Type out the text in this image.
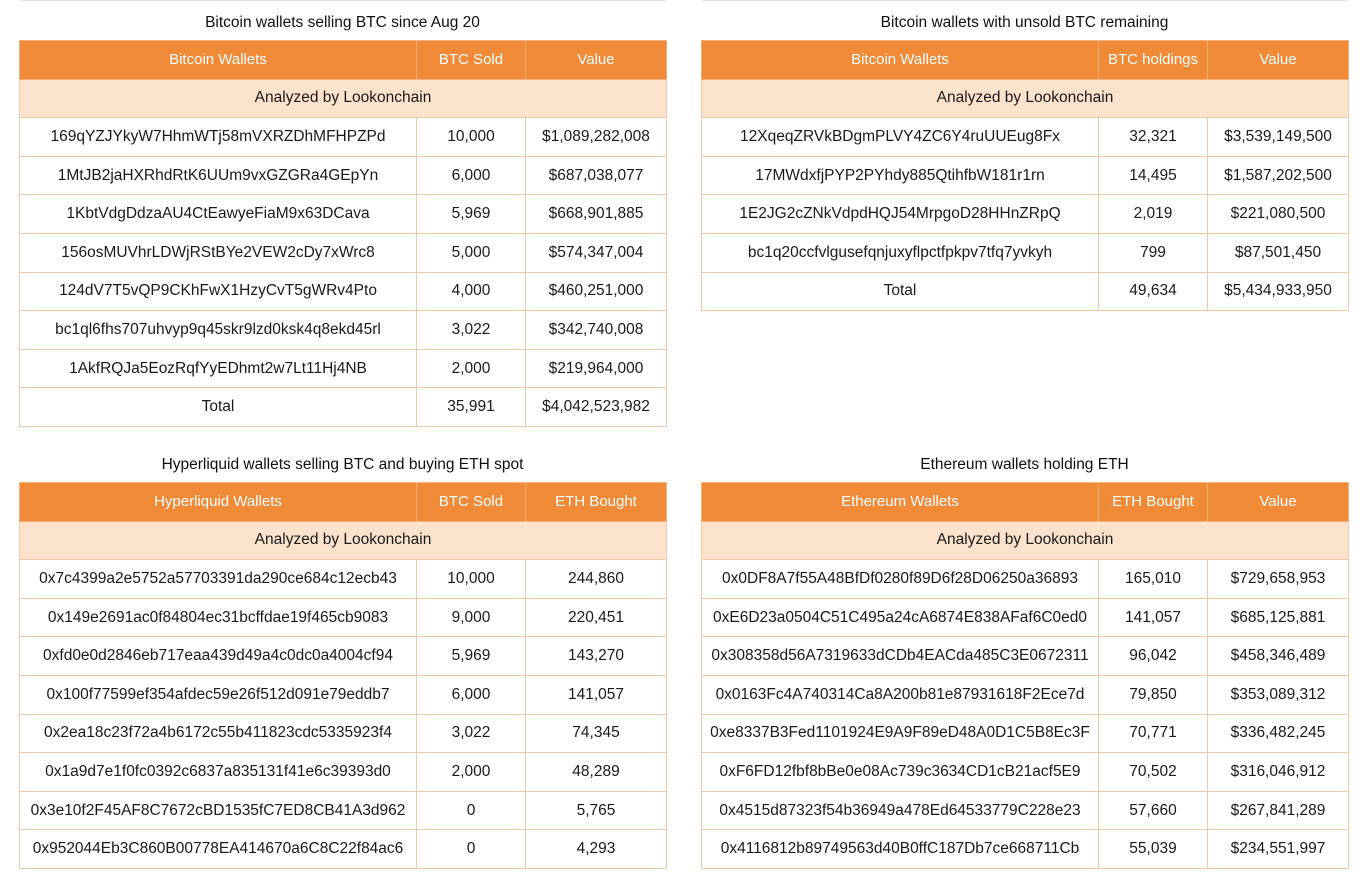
Bitcoin wallets selling BTC since Aug 20
Bitcoin Wallets	BTC Sold	Value
Analyzed by Lookonchain		
169qYZJYkyW7HhmWTj58mVXRZDhMFHPZPd	10,000	$1,089,282,008
1MtJB2jaHXRhdRtK6UUm9vxGZGRa4GEpYn	6,000	$687,038,077
1KbtVdgDdzaAU4CtEawyeFiaM9x63DCava	5,969	$668,901,885
156osMUVhrLDWjRStBYe2VEW2cDy7xWrc8	5,000	$574,347,004
124dV7T5vQP9CKhFwX1HzyCvT5gWRv4Pto	4,000	$460,251,000
bc1ql6fhs707uhvyp9q45skr9lzd0ksk4q8ekd45rl	3,022	$342,740,008
1AkfRQJa5EozRqfYyEDhmt2w7Lt11Hj4NB	2,000	$219,964,000
Total	35,991	$4,042,523,982
Bitcoin wallets with unsold BTC remaining
Bitcoin Wallets	BTC holdings	Value
Analyzed by Lookonchain		
12XqeqZRVkBDgmPLVY4ZC6Y4ruUUEug8Fx	32,321	$3,539,149,500
17MWdxfjPYP2PYhdy885QtihfbW181r1rn	14,495	$1,587,202,500
1E2JG2cZNkVdpdHQJ54MrpgoD28HHnZRpQ	2,019	$221,080,500
bc1q20ccfvlgusefqnjuxyflpctfpkpv7tfq7yvkyh	799	$87,501,450
Total	49,634	$5,434,933,950
Hyperliquid wallets selling BTC and buying ETH spot
Hyperliquid Wallets	BTC Sold	ETH Bought
Analyzed by Lookonchain		
0x7c4399a2e5752a57703391da290ce684c12ecb43	10,000	244,860
0x149e2691ac0f84804ec31bcffdae19f465cb9083	9,000	220,451
0xfd0e0d2846eb717eaa439d49a4c0dc0a4004cf94	5,969	143,270
0x100f77599ef354afdec59e26f512d091e79eddb7	6,000	141,057
0x2ea18c23f72a4b6172c55b411823cdc5335923f4	3,022	74,345
0x1a9d7e1f0fc0392c6837a835131f41e6c39393d0	2,000	48,289
0x3e10f2F45AF8C7672cBD1535fC7ED8CB41A3d962	0	5,765
0x952044Eb3C860B00778EA414670a6C8C22f84ac6	0	4,293
Ethereum wallets holding ETH
Ethereum Wallets	ETH Bought	Value
Analyzed by Lookonchain		
0x0DF8A7f55A48BfDf0280f89D6f28D06250a36893	165,010	$729,658,953
0xE6D23a0504C51C495a24cA6874E838AFaf6C0ed0	141,057	$685,125,881
0x308358d56A7319633dCDb4EACda485C3E0672311	96,042	$458,346,489
0x0163Fc4A740314Ca8A200b81e87931618F2Ece7d	79,850	$353,089,312
0xe8337B3Fed1101924E9A9F89eD48A0D1C5B8Ec3F	70,771	$336,482,245
0xF6FD12fbf8bBe0e08Ac739c3634CD1cB21acf5E9	70,502	$316,046,912
0x4515d87323f54b36949a478Ed64533779C228e23	57,660	$267,841,289
0x4116812b89749563d40B0ffC187Db7ce668711Cb	55,039	$234,551,997
